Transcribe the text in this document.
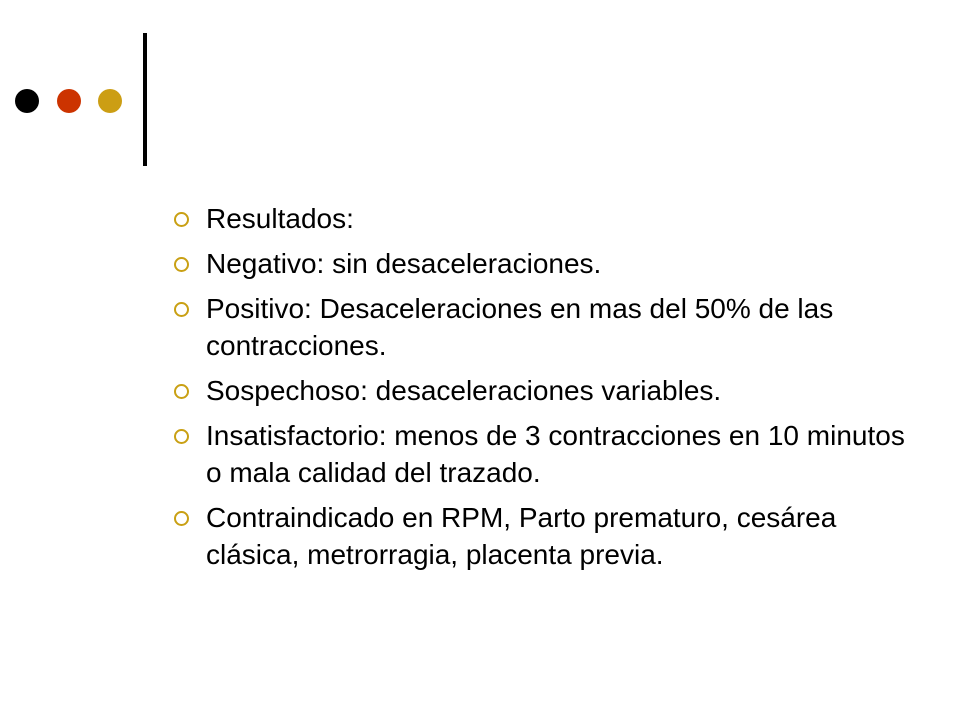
Resultados:
Negativo: sin desaceleraciones.
Positivo: Desaceleraciones en mas del 50% de las contracciones.
Sospechoso: desaceleraciones variables.
Insatisfactorio: menos de 3 contracciones en 10 minutos o mala calidad del trazado.
Contraindicado en RPM, Parto prematuro, cesárea clásica, metrorragia, placenta previa.
